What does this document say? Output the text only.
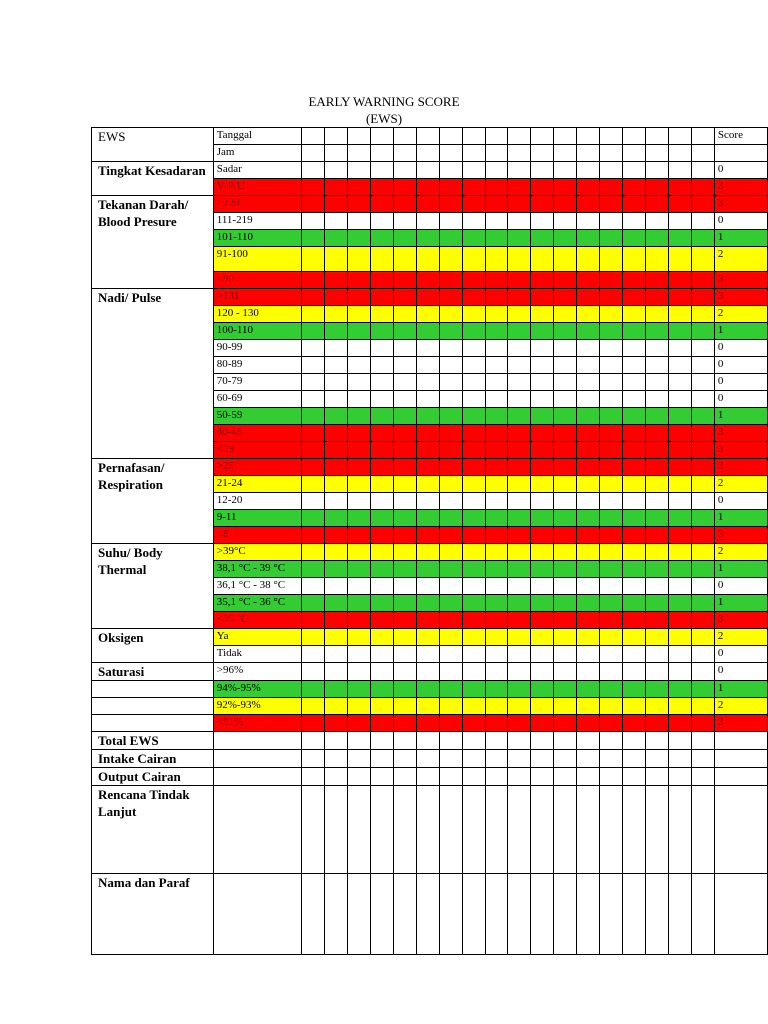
EARLY WARNING SCORE
(EWS)
EWS	Tanggal																			Score
	Jam																			
Tingkat Kesadaran	Sadar																			0
	V/P/U																			3
Tekanan Darah/ Blood Presure	>220																			3
	111-219																			0
	101-110																			1
	91-100																			2
	<90																			3
Nadi/ Pulse	>131																			3
	120 - 130																			2
	100-110																			1
	90-99																			0
	80-89																			0
	70-79																			0
	60-69																			0
	50-59																			1
	40-49																			3
	<39																			3
Pernafasan/ Respiration	>25																			3
	21-24																			2
	12-20																			0
	9-11																			1
	<8																			3
Suhu/ Body Thermal	>39°C																			2
	38,1 °C - 39 °C																			1
	36,1 °C - 38 °C																			0
	35,1 °C - 36 °C																			1
	<35 °C																			3
Oksigen	Ya																			2
	Tidak																			0
Saturasi	>96%																			0
	94%-95%																			1
	92%-93%																			2
	<91%																			3
Total EWS																				
Intake Cairan																				
Output Cairan																				
Rencana Tindak Lanjut																				
Nama dan Paraf																				
